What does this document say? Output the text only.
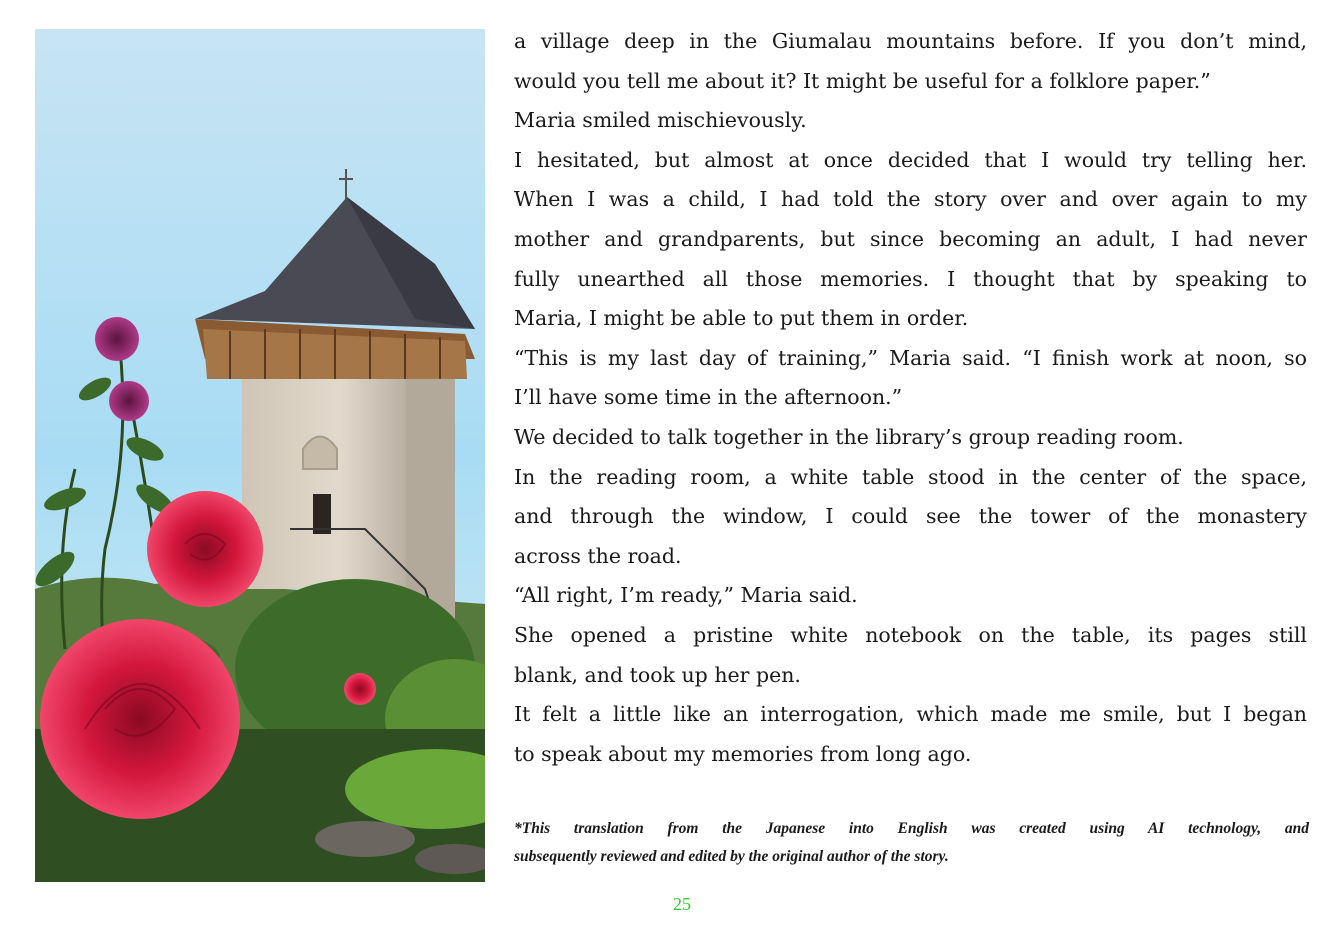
a village deep in the Giumalau mountains before. If you don’t mind,

would you tell me about it? It might be useful for a folklore paper.”

Maria smiled mischievously.

I hesitated, but almost at once decided that I would try telling her.

When I was a child, I had told the story over and over again to my

mother and grandparents, but since becoming an adult, I had never

fully unearthed all those memories. I thought that by speaking to

Maria, I might be able to put them in order.

“This is my last day of training,” Maria said. “I finish work at noon, so

I’ll have some time in the afternoon.”

We decided to talk together in the library’s group reading room.

In the reading room, a white table stood in the center of the space,

and through the window, I could see the tower of the monastery

across the road.

“All right, I’m ready,” Maria said.

She opened a pristine white notebook on the table, its pages still

blank, and took up her pen.

It felt a little like an interrogation, which made me smile, but I began

to speak about my memories from long ago.

*This translation from the Japanese into English was created using AI technology, and
subsequently reviewed and edited by the original author of the story.
25
